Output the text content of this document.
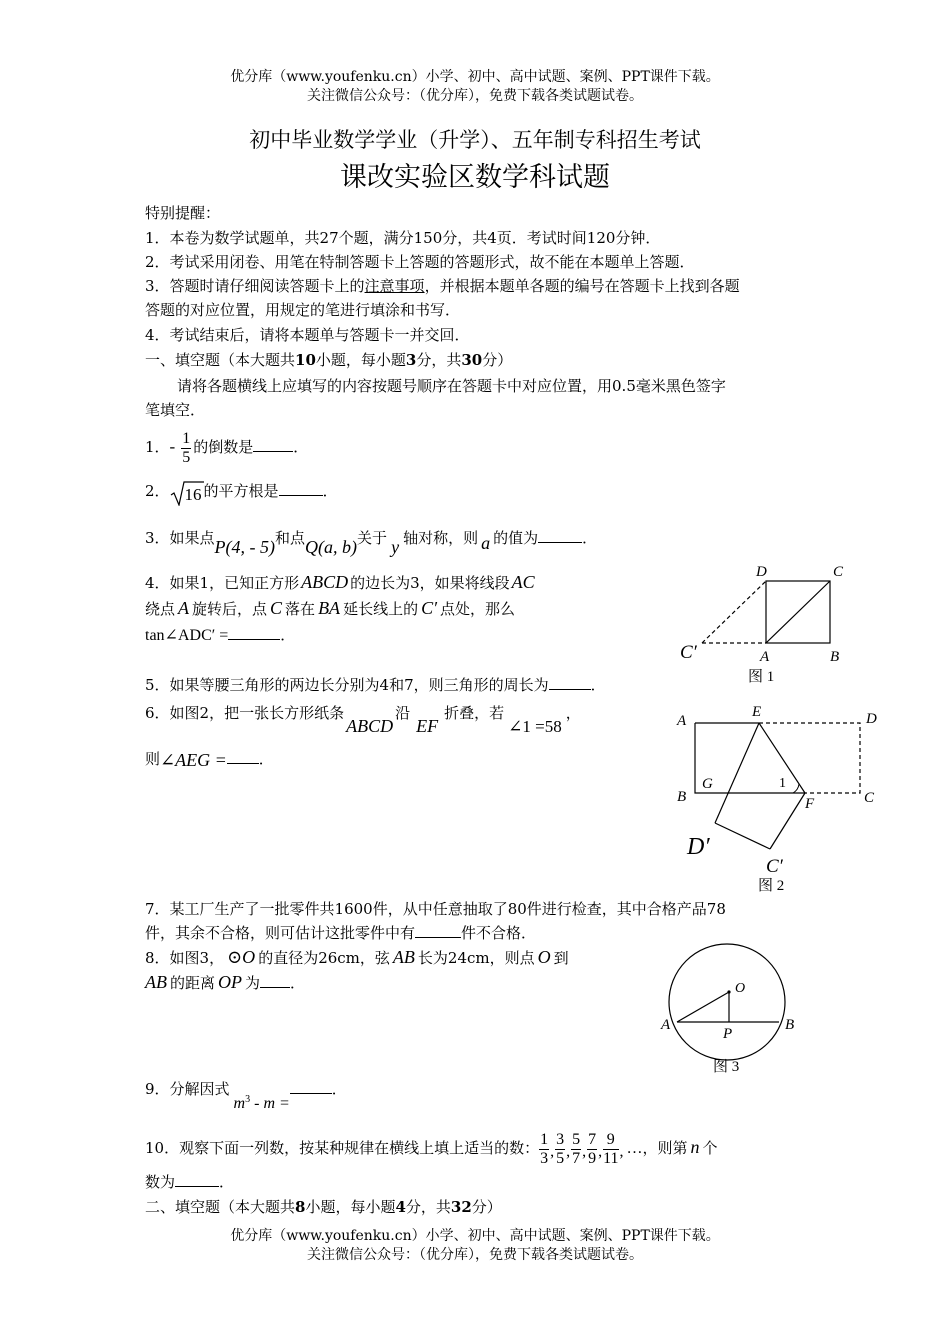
优分库（www.youfenku.cn）小学、初中、高中试题、案例、PPT课件下载。
关注微信公众号：（优分库），免费下载各类试题试卷。
初中毕业数学学业（升学）、五年制专科招生考试
课改实验区数学科试题
特别提醒：
1．本卷为数学试题单，共27个题，满分150分，共4页．考试时间120分钟．
2．考试采用闭卷、用笔在特制答题卡上答题的答题形式，故不能在本题单上答题．
3．答题时请仔细阅读答题卡上的注意事项，并根据本题单各题的编号在答题卡上找到各题
答题的对应位置，用规定的笔进行填涂和书写．
4．考试结束后，请将本题单与答题卡一并交回．
一、填空题（本大题共10小题，每小题3分，共30分）
请将各题横线上应填写的内容按题号顺序在答题卡中对应位置，用0.5毫米黑色签字
笔填空．
1．- $\frac{1}{5}$ 的倒数是	．
2． 16 的平方根是	．
3．如果点P(4, - 5)和点Q(a, b)关于 y 轴对称，则 a 的值为	．
4．如果1，已知正方形 ABCD 的边长为3，如果将线段 AC
绕点 A 旋转后，点 C 落在 BA 延长线上的 C′ 点处，那么
tan∠ADC′ =	．
5．如果等腰三角形的两边长分别为4和7，则三角形的周长为	．
6．如图2，把一张长方形纸条ABCD沿EF折叠，若∠1 =58，
则∠AEG = ．
7．某工厂生产了一批零件共1600件，从中任意抽取了80件进行检查，其中合格产品78
件，其余不合格，则可估计这批零件中有	件不合格．
8．如图3， ⊙O 的直径为26cm，弦 AB 长为24cm，则点 O 到
AB 的距离 OP 为 ．
9．分解因式$m^3$ - m =．
10．观察下面一列数，按某种规律在横线上填上适当的数： $\frac{1}{3}$ , $\frac{3}{5}$ , $\frac{5}{7}$ , $\frac{7}{9}$ , $\frac{9}{11}$ , … ，则第 n 个
数为	．
二、填空题（本大题共8小题，每小题4分，共32分）
优分库（www.youfenku.cn）小学、初中、高中试题、案例、PPT课件下载。
关注微信公众号：（优分库），免费下载各类试题试卷。
D	C
A	B
C′
图 1
A
E	D
B
G	1
F	C
D′
C′
图 2
O
A
P
B
图 3
